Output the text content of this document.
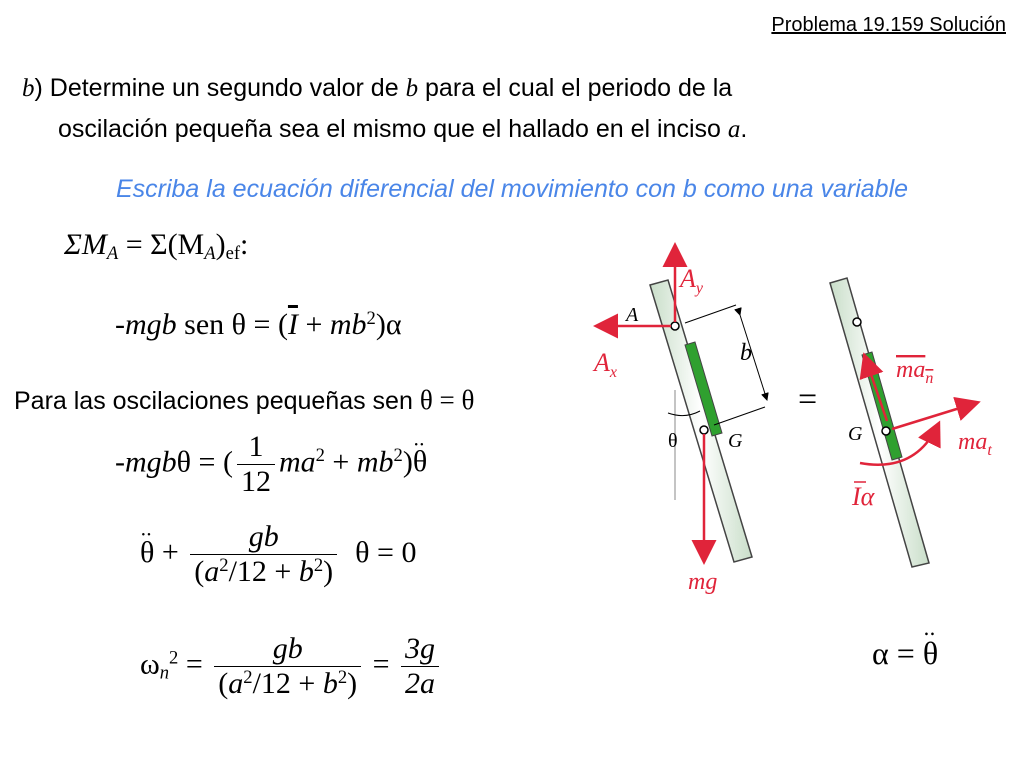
Problema 19.159 Solución
b) Determine un segundo valor de b para el cual el periodo de la
oscilación pequeña sea el mismo que el hallado en el inciso a.
Escriba la ecuación diferencial del movimiento con b como una variable
$\Sigma M_A = \Sigma(M_A)_{ef}$:
-mgb sen $\theta = (\overline{I} + mb^2)\alpha$
Para las oscilaciones pequeñas sen θ = θ
-mgbθ = ( $\frac{1}{12} ma^2$ + $mb^2)••$ θ
•• $\theta + \frac{gb}{(a^2/12 + b^2)}$ θ = 0
$\omega_n^2 = \frac{gb}{(a^2/12 + b^2)} = \frac{3g}{2a}$	α = •• θ
$A_y$
A
$A_x$
b
θ	G
mg
=
G
$ma_n$
$ma_t$
Iα
